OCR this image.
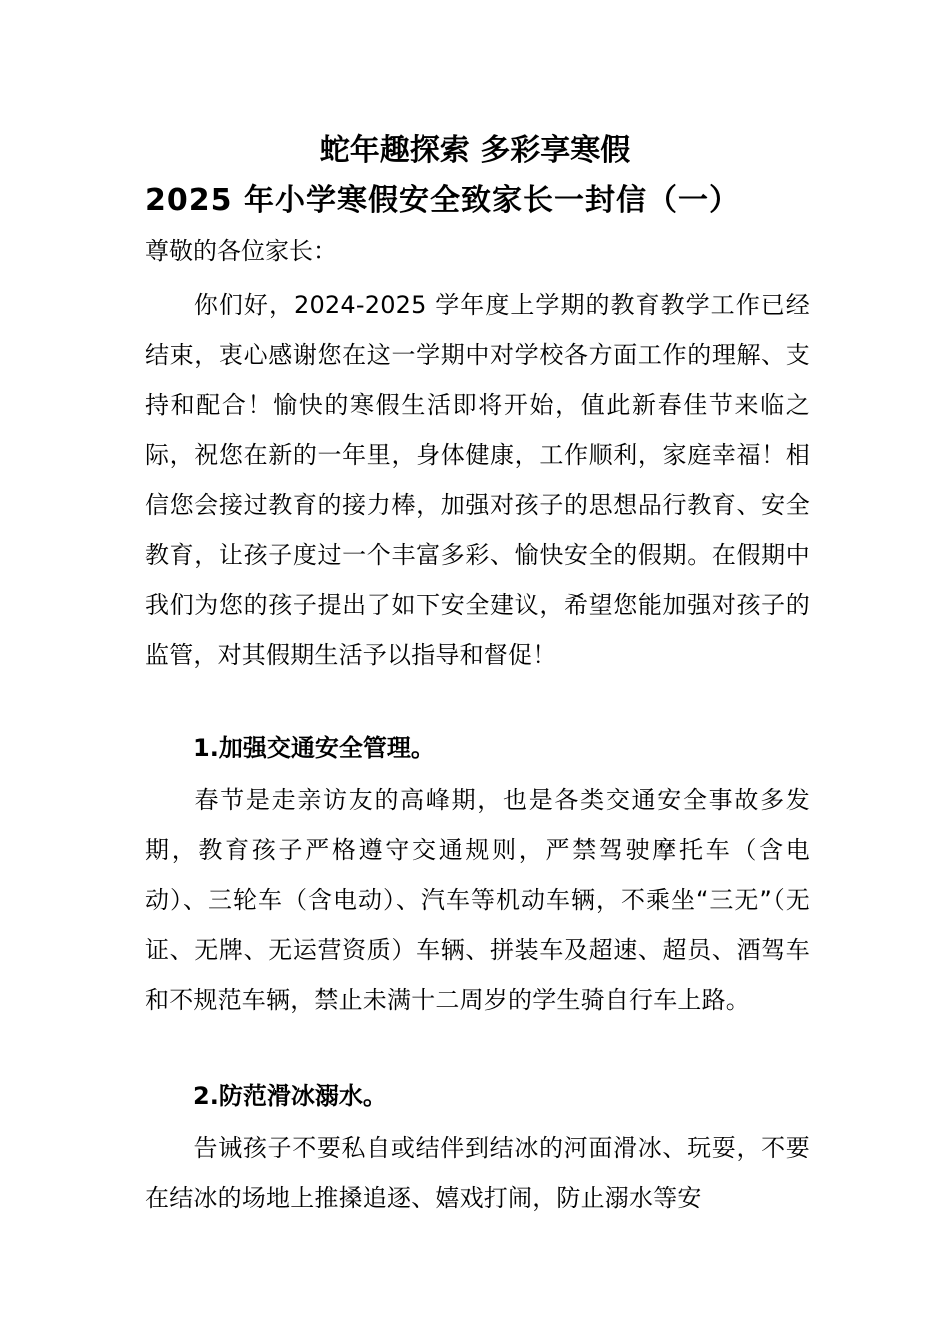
蛇年趣探索 多彩享寒假
2025 年小学寒假安全致家长一封信（一）
尊敬的各位家长：
你们好，2024-2025 学年度上学期的教育教学工作已经结束，衷心感谢您在这一学期中对学校各方面工作的理解、支持和配合！愉快的寒假生活即将开始，值此新春佳节来临之际，祝您在新的一年里，身体健康，工作顺利，家庭幸福！相信您会接过教育的接力棒，加强对孩子的思想品行教育、安全教育，让孩子度过一个丰富多彩、愉快安全的假期。在假期中我们为您的孩子提出了如下安全建议，希望您能加强对孩子的监管，对其假期生活予以指导和督促！
1.加强交通安全管理。
春节是走亲访友的高峰期，也是各类交通安全事故多发期，教育孩子严格遵守交通规则，严禁驾驶摩托车（含电动）、三轮车（含电动）、汽车等机动车辆，不乘坐“三无”（无证、无牌、无运营资质）车辆、拼装车及超速、超员、酒驾车和不规范车辆，禁止未满十二周岁的学生骑自行车上路。
2.防范滑冰溺水。
告诫孩子不要私自或结伴到结冰的河面滑冰、玩耍，不要在结冰的场地上推搡追逐、嬉戏打闹，防止溺水等安
